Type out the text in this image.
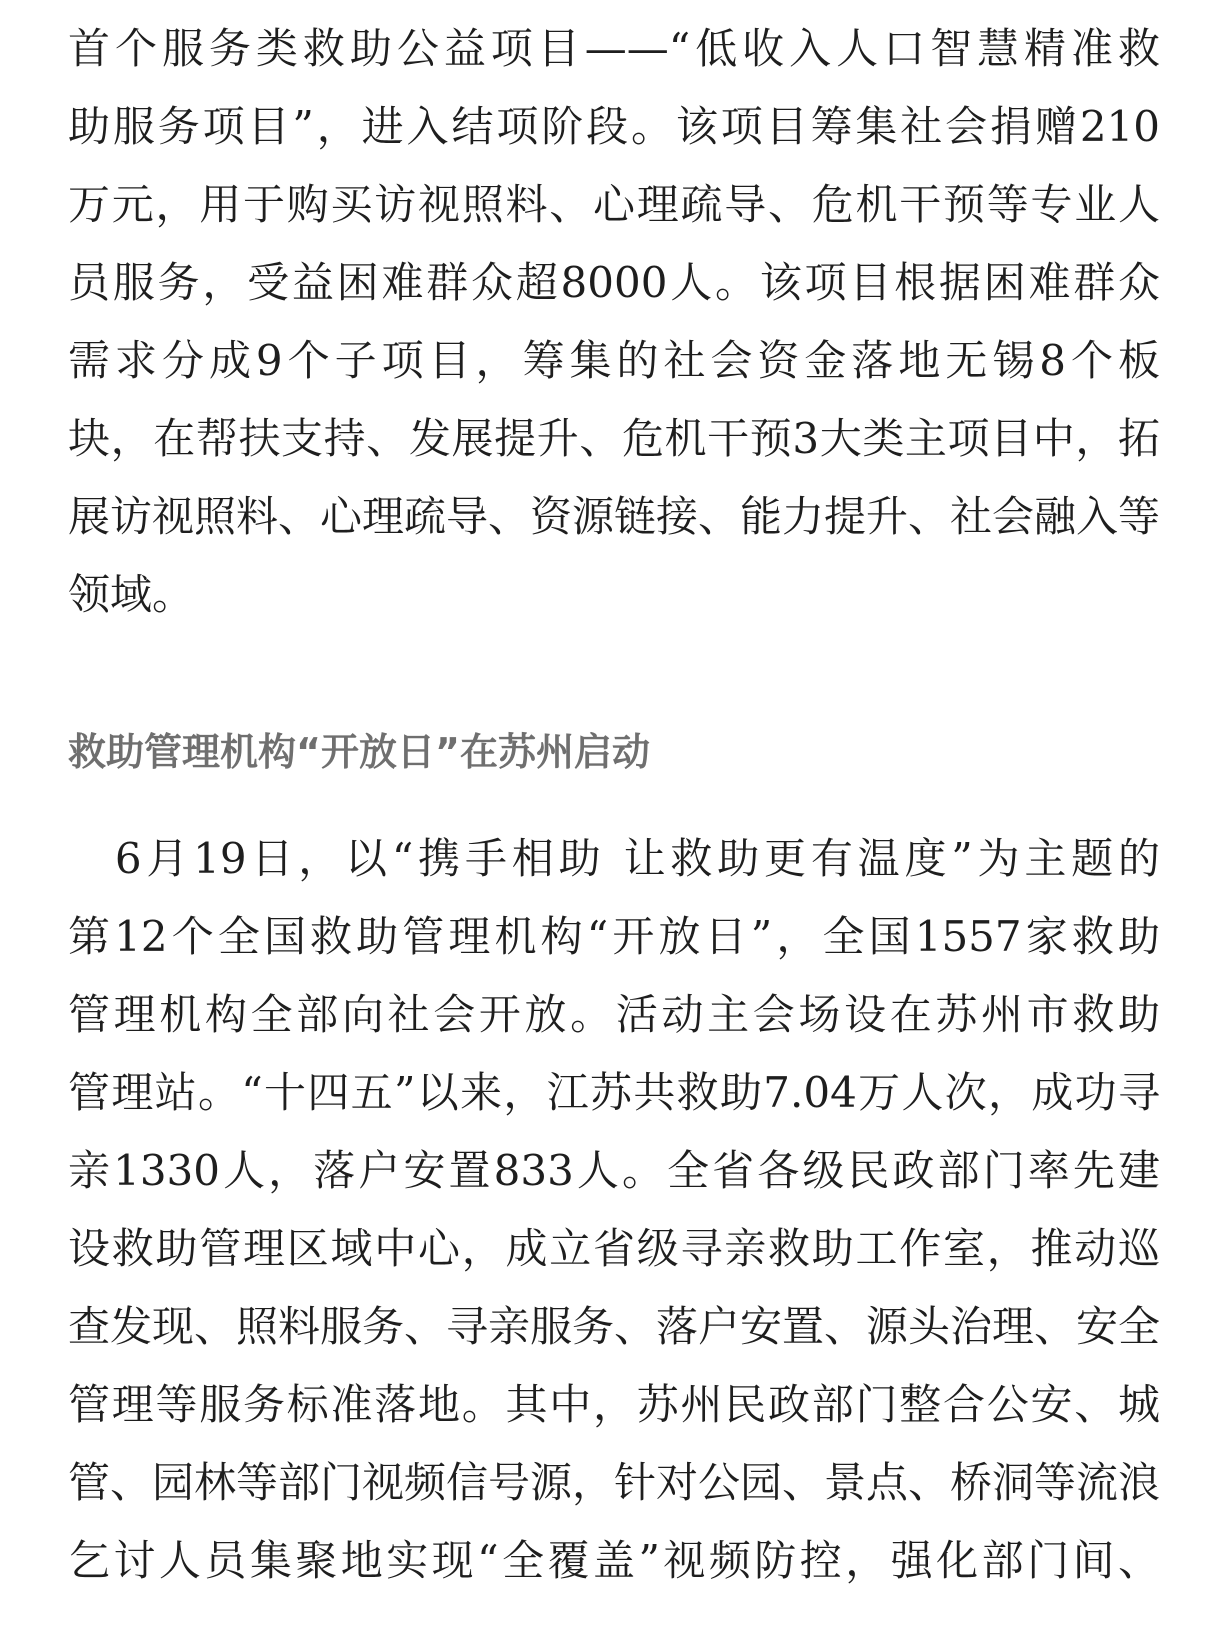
首个服务类救助公益项目——“低收入人口智慧精准救
助服务项目”，进入结项阶段。该项目筹集社会捐赠210
万元，用于购买访视照料、心理疏导、危机干预等专业人
员服务，受益困难群众超8000人。该项目根据困难群众
需求分成9个子项目，筹集的社会资金落地无锡8个板
块，在帮扶支持、发展提升、危机干预3大类主项目中，拓
展访视照料、心理疏导、资源链接、能力提升、社会融入等
领域。
救助管理机构“开放日”在苏州启动
　6月19日，以“携手相助 让救助更有温度”为主题的
第12个全国救助管理机构“开放日”，全国1557家救助
管理机构全部向社会开放。活动主会场设在苏州市救助
管理站。“十四五”以来，江苏共救助7.04万人次，成功寻
亲1330人，落户安置833人。全省各级民政部门率先建
设救助管理区域中心，成立省级寻亲救助工作室，推动巡
查发现、照料服务、寻亲服务、落户安置、源头治理、安全
管理等服务标准落地。其中，苏州民政部门整合公安、城
管、园林等部门视频信号源，针对公园、景点、桥洞等流浪
乞讨人员集聚地实现“全覆盖”视频防控，强化部门间、
